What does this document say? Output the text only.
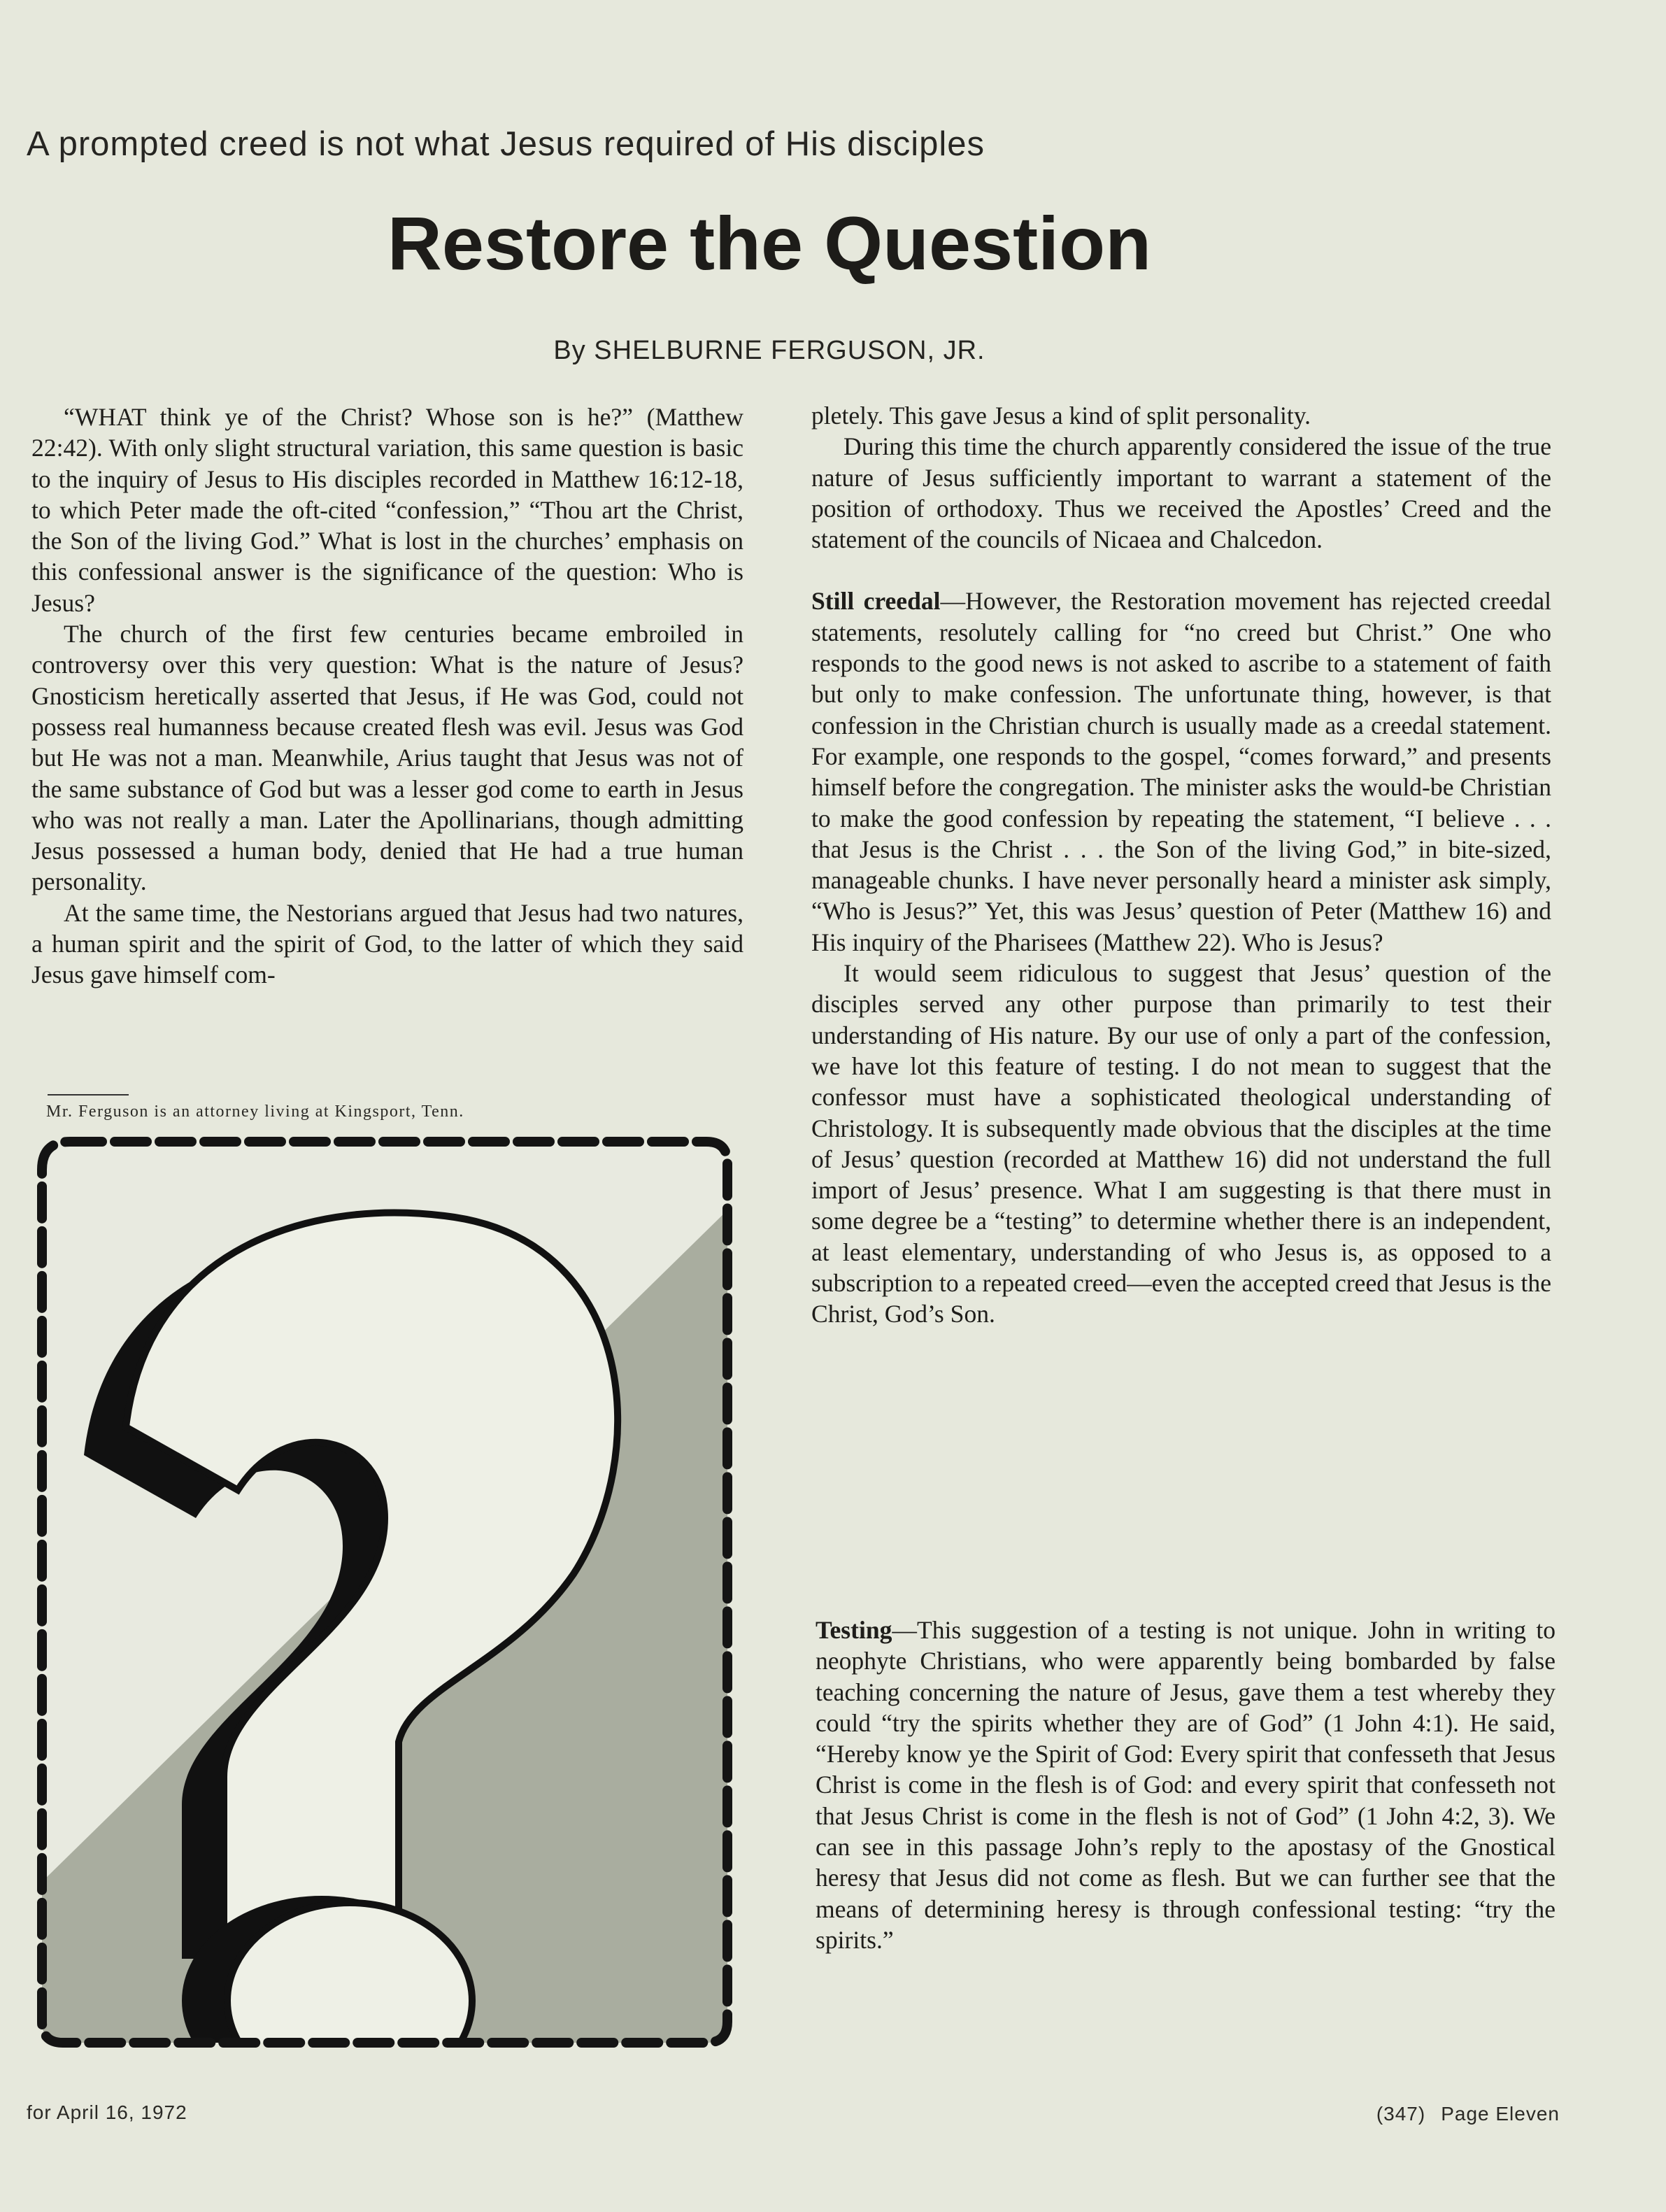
A prompted creed is not what Jesus required of His disciples
Restore the Question
By SHELBURNE FERGUSON, JR.

“WHAT think ye of the Christ? Whose son is he?” (Matthew 22:42). With only slight structural variation, this same question is basic to the inquiry of Jesus to His disciples recorded in Matthew 16:12-18, to which Peter made the oft-cited “confession,” “Thou art the Christ, the Son of the living God.” What is lost in the churches’ emphasis on this confessional answer is the significance of the question: Who is Jesus?

The church of the first few centuries became embroiled in controversy over this very question: What is the nature of Jesus? Gnosticism heretically asserted that Jesus, if He was God, could not possess real humanness because created flesh was evil. Jesus was God but He was not a man. Meanwhile, Arius taught that Jesus was not of the same substance of God but was a lesser god come to earth in Jesus who was not really a man. Later the Apollinarians, though admitting Jesus possessed a human body, denied that He had a true human personality.

At the same time, the Nestorians argued that Jesus had two natures, a human spirit and the spirit of God, to the latter of which they said Jesus gave himself com-

Mr. Ferguson is an attorney living at Kingsport, Tenn.

pletely. This gave Jesus a kind of split personality.

During this time the church apparently considered the issue of the true nature of Jesus sufficiently important to warrant a statement of the position of orthodoxy. Thus we received the Apostles’ Creed and the statement of the councils of Nicaea and Chalcedon.

Still creedal—However, the Restoration movement has rejected creedal statements, resolutely calling for “no creed but Christ.” One who responds to the good news is not asked to ascribe to a statement of faith but only to make confession. The unfortunate thing, however, is that confession in the Christian church is usually made as a creedal statement. For example, one responds to the gospel, “comes forward,” and presents himself before the congregation. The minister asks the would-be Christian to make the good confession by repeating the statement, “I believe . . . that Jesus is the Christ . . . the Son of the living God,” in bite-sized, manageable chunks. I have never personally heard a minister ask simply, “Who is Jesus?” Yet, this was Jesus’ question of Peter (Matthew 16) and His inquiry of the Pharisees (Matthew 22). Who is Jesus?

It would seem ridiculous to suggest that Jesus’ question of the disciples served any other purpose than primarily to test their understanding of His nature. By our use of only a part of the confession, we have lot this feature of testing. I do not mean to suggest that the confessor must have a sophisticated theological understanding of Christology. It is subsequently made obvious that the disciples at the time of Jesus’ question (recorded at Matthew 16) did not understand the full import of Jesus’ presence. What I am suggesting is that there must in some degree be a “testing” to determine whether there is an independent, at least elementary, understanding of who Jesus is, as opposed to a subscription to a repeated creed—even the accepted creed that Jesus is the Christ, God’s Son.

Testing—This suggestion of a testing is not unique. John in writing to neophyte Christians, who were apparently being bombarded by false teaching concerning the nature of Jesus, gave them a test whereby they could “try the spirits whether they are of God” (1 John 4:1). He said, “Hereby know ye the Spirit of God: Every spirit that confesseth that Jesus Christ is come in the flesh is of God: and every spirit that confesseth not that Jesus Christ is come in the flesh is not of God” (1 John 4:2, 3). We can see in this passage John’s reply to the apostasy of the Gnostical heresy that Jesus did not come as flesh. But we can further see that the means of determining heresy is through confessional testing: “try the spirits.”

for April 16, 1972	(347) Page Eleven
